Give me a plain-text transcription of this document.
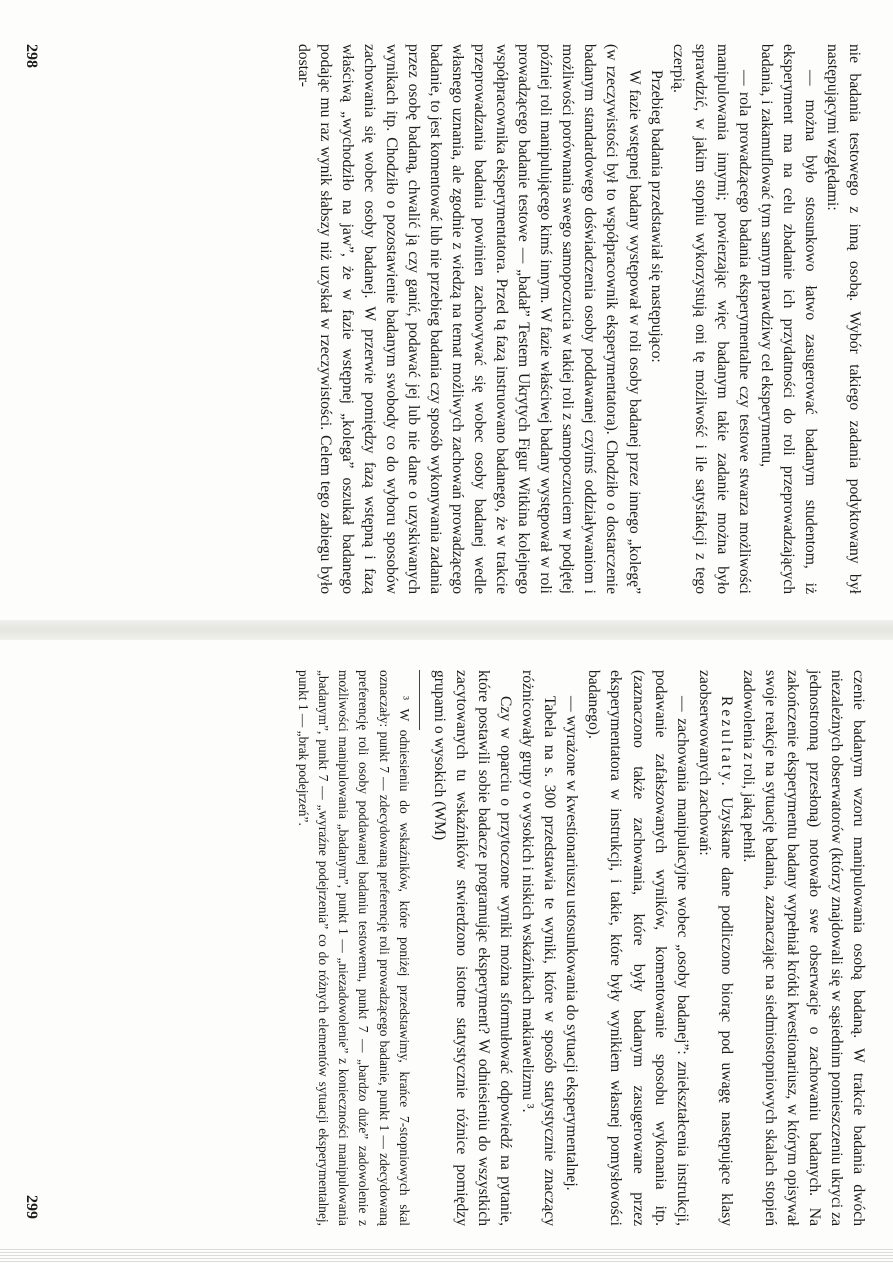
nie badania testowego z inną osobą. Wybór takiego zadania podyktowany był następującymi względami:

— można było stosunkowo łatwo zasugerować badanym studentom, iż eksperyment ma na celu zbadanie ich przydatności do roli przeprowadzających badania, i zakamuflować tym samym prawdziwy cel eksperymentu,

— rola prowadzącego badania eksperymentalne czy testowe stwarza możliwości manipulowania innymi; powierzając więc badanym takie zadanie można było sprawdzić, w jakim stopniu wykorzystują oni tę możliwość i ile satysfakcji z tego czerpią.

Przebieg badania przedstawiał się następująco:

W fazie wstępnej badany występował w roli osoby badanej przez innego „kolegę” (w rzeczywistości był to współpracownik eksperymentatora). Chodziło o dostarczenie badanym standardowego doświadczenia osoby poddawanej czyimś oddziaływaniom i możliwości porównania swego samopoczucia w takiej roli z samopoczuciem w podjętej później roli manipulującego kimś innym. W fazie właściwej badany występował w roli prowadzącego badanie testowe — „badał” Testem Ukrytych Figur Witkina kolejnego współpracownika eksperymentatora. Przed tą fazą instruowano badanego, że w trakcie przeprowadzania badania powinien zachowywać się wobec osoby badanej wedle własnego uznania, ale zgodnie z wiedzą na temat możliwych zachowań prowadzącego badanie, to jest komentować lub nie przebieg badania czy sposób wykonywania zadania przez osobę badaną, chwalić ją czy ganić, podawać jej lub nie dane o uzyskiwanych wynikach itp. Chodziło o pozostawienie badanym swobody co do wyboru sposobów zachowania się wobec osoby badanej. W przerwie pomiędzy fazą wstępną i fazą właściwą „wychodziło na jaw”, że w fazie wstępnej „kolega” oszukał badanego podając mu raz wynik słabszy niż uzyskał w rzeczywistości. Celem tego zabiegu było dostar-

298

czenie badanym wzoru manipulowania osobą badaną. W trakcie badania dwóch niezależnych obserwatorów (którzy znajdowali się w sąsiednim pomieszczeniu ukryci za jednostronną przesłoną) notowało swe obserwacje o zachowaniu badanych. Na zakończenie eksperymentu badany wypełniał krótki kwestionariusz, w którym opisywał swoje reakcje na sytuację badania, zaznaczając na siedmiostopniowych skalach stopień zadowolenia z roli, jaką pełnił.

Rezultaty. Uzyskane dane podliczono biorąc pod uwagę następujące klasy zaobserwowanych zachowań:

— zachowania manipulacyjne wobec „osoby badanej”: zniekształcenia instrukcji, podawanie zafałszowanych wyników, komentowanie sposobu wykonania itp. (zaznaczono także zachowania, które były badanym zasugerowane przez eksperymentatora w instrukcji, i takie, które były wynikiem własnej pomysłowości badanego).

— wyrażone w kwestionariuszu ustosunkowania do sytuacji eksperymentalnej.

Tabela na s. 300 przedstawia te wyniki, które w sposób statystycznie znaczący różnicowały grupy o wysokich i niskich wskaźnikach makiawelizmu ³.

Czy w oparciu o przytoczone wyniki można sformułować odpowiedź na pytanie, które postawili sobie badacze programując eksperyment? W odniesieniu do wszystkich zacytowanych tu wskaźników stwierdzono istotne statystycznie różnice pomiędzy grupami o wysokich (WM)

³ W odniesieniu do wskaźników, które poniżej przedstawimy, krańce 7-stopniowych skal oznaczały: punkt 7 — zdecydowaną preferencję roli prowadzącego badanie, punkt 1 — zdecydowaną preferencję roli osoby poddawanej badaniu testowemu, punkt 7 — „bardzo duże” zadowolenie z możliwości manipulowania „badanym”, punkt 1 — „niezadowolenie” z konieczności manipulowania „badanym”, punkt 7 — „wyraźne podejrzenia” co do różnych elementów sytuacji eksperymentalnej, punkt 1 — „brak podejrzeń”.

299
